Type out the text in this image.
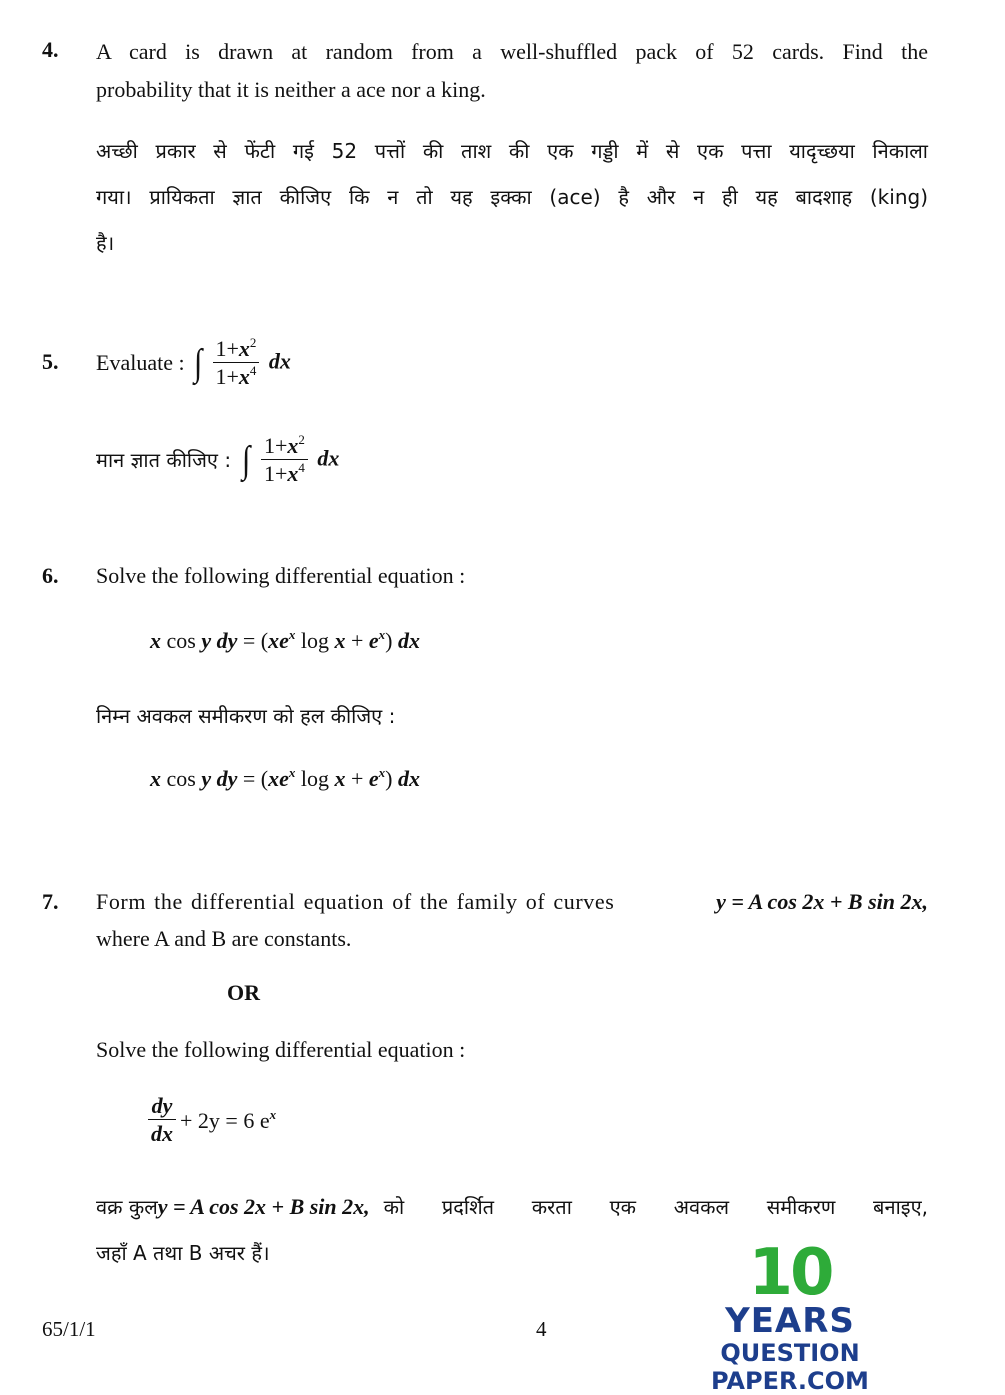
4. A card is drawn at random from a well-shuffled pack of 52 cards. Find the
probability that it is neither a ace nor a king.
अच्छी प्रकार से फेंटी गई 52 पत्तों की ताश की एक गड्डी में से एक पत्ता यादृच्छया निकाला
गया। प्रायिकता ज्ञात कीजिए कि न तो यह इक्का (ace) है और न ही यह बादशाह (king)
है।
5. Evaluate : ∫ $\frac{1+x^2}{1+x^4}$ dx
मान ज्ञात कीजिए : ∫ $\frac{1+x^2}{1+x^4}$ dx
6. Solve the following differential equation :
x cos y dy = ($xe^x$ $\log x + e^x$) dx
निम्न अवकल समीकरण को हल कीजिए :
x cos y dy = ($xe^x$ $\log x + e^x$) dx
7. Form the differential equation of the family of curves	y = A cos 2x + B sin 2x,
where A and B are constants.
OR
Solve the following differential equation :
$\frac{dy}{dx} + 2y = 6$ $e^x$
वक्र कुल y = A cos 2x + B sin 2x, को प्रदर्शित करता एक अवकल समीकरण बनाइए,
जहाँ A तथा B अचर हैं।
65/1/1	4
10
YEARS
QUESTION PAPER.COM
